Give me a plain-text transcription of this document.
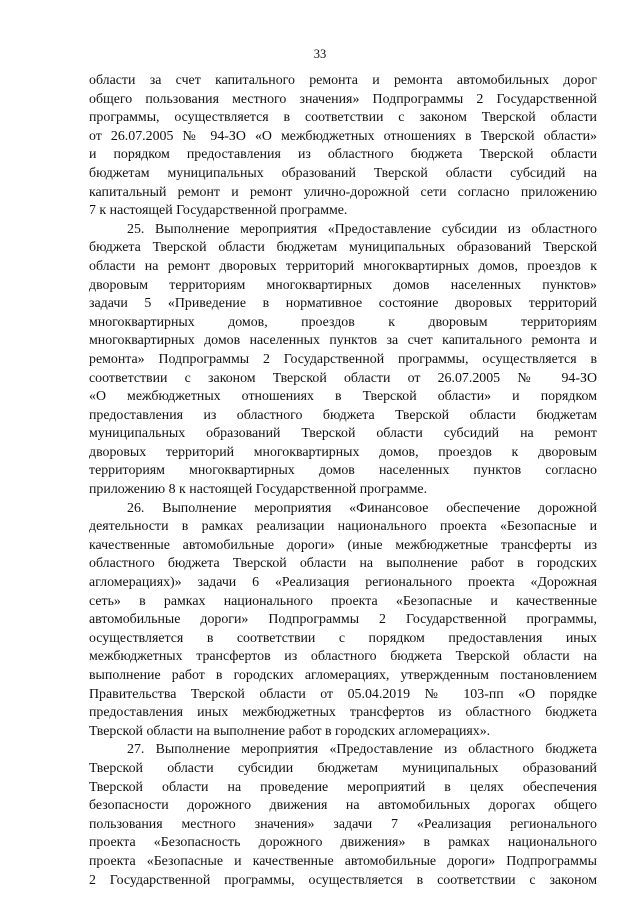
33
области за счет капитального ремонта и ремонта автомобильных дорог
общего пользования местного значения» Подпрограммы 2 Государственной
программы, осуществляется в соответствии с законом Тверской области
от 26.07.2005 № 94-ЗО «О межбюджетных отношениях в Тверской области»
и порядком предоставления из областного бюджета Тверской области
бюджетам муниципальных образований Тверской области субсидий на
капитальный ремонт и ремонт улично-дорожной сети согласно приложению
7 к настоящей Государственной программе.
25. Выполнение мероприятия «Предоставление субсидии из областного
бюджета Тверской области бюджетам муниципальных образований Тверской
области на ремонт дворовых территорий многоквартирных домов, проездов к
дворовым территориям многоквартирных домов населенных пунктов»
задачи 5 «Приведение в нормативное состояние дворовых территорий
многоквартирных домов, проездов к дворовым территориям
многоквартирных домов населенных пунктов за счет капитального ремонта и
ремонта» Подпрограммы 2 Государственной программы, осуществляется в
соответствии с законом Тверской области от 26.07.2005 № 94-ЗО
«О межбюджетных отношениях в Тверской области» и порядком
предоставления из областного бюджета Тверской области бюджетам
муниципальных образований Тверской области субсидий на ремонт
дворовых территорий многоквартирных домов, проездов к дворовым
территориям многоквартирных домов населенных пунктов согласно
приложению 8 к настоящей Государственной программе.
26. Выполнение мероприятия «Финансовое обеспечение дорожной
деятельности в рамках реализации национального проекта «Безопасные и
качественные автомобильные дороги» (иные межбюджетные трансферты из
областного бюджета Тверской области на выполнение работ в городских
агломерациях)» задачи 6 «Реализация регионального проекта «Дорожная
сеть» в рамках национального проекта «Безопасные и качественные
автомобильные дороги» Подпрограммы 2 Государственной программы,
осуществляется в соответствии с порядком предоставления иных
межбюджетных трансфертов из областного бюджета Тверской области на
выполнение работ в городских агломерациях, утвержденным постановлением
Правительства Тверской области от 05.04.2019 № 103-пп «О порядке
предоставления иных межбюджетных трансфертов из областного бюджета
Тверской области на выполнение работ в городских агломерациях».
27. Выполнение мероприятия «Предоставление из областного бюджета
Тверской области субсидии бюджетам муниципальных образований
Тверской области на проведение мероприятий в целях обеспечения
безопасности дорожного движения на автомобильных дорогах общего
пользования местного значения» задачи 7 «Реализация регионального
проекта «Безопасность дорожного движения» в рамках национального
проекта «Безопасные и качественные автомобильные дороги» Подпрограммы
2 Государственной программы, осуществляется в соответствии с законом
